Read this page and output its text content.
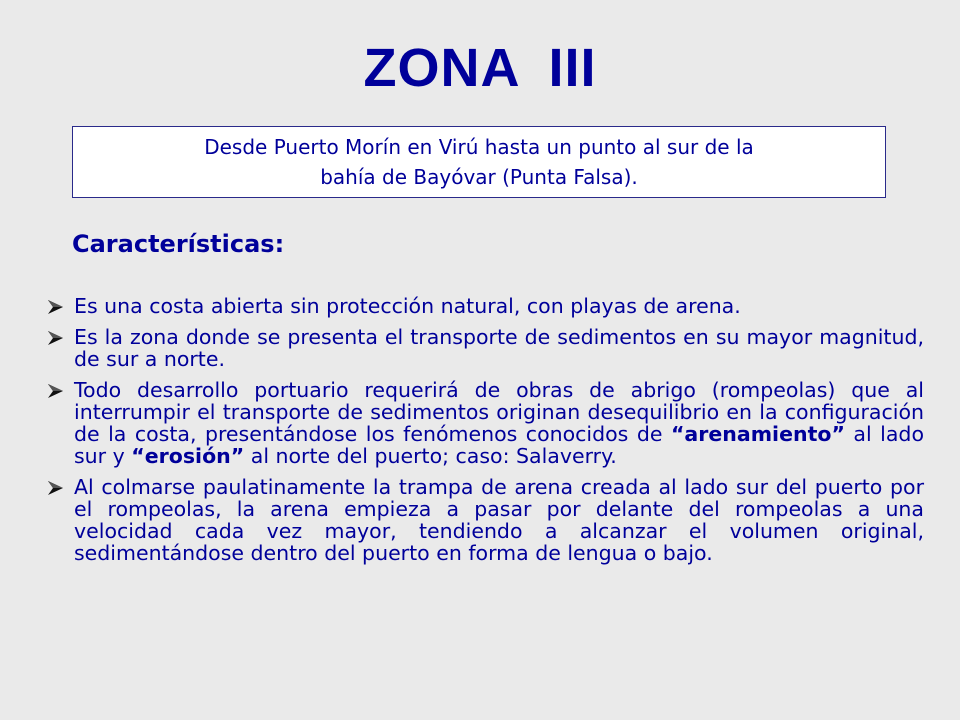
ZONA III
Desde Puerto Morín en Virú hasta un punto al sur de la
bahía de Bayóvar (Punta Falsa).
Características:
Es una costa abierta sin protección natural, con playas de arena.
Es la zona donde se presenta el transporte de sedimentos en su mayor magnitud, de sur a norte.
Todo desarrollo portuario requerirá de obras de abrigo (rompeolas) que al interrumpir el transporte de sedimentos originan desequilibrio en la configuración de la costa, presentándose los fenómenos conocidos de “arenamiento” al lado sur y “erosión” al norte del puerto; caso: Salaverry.
Al colmarse paulatinamente la trampa de arena creada al lado sur del puerto por el rompeolas, la arena empieza a pasar por delante del rompeolas a una velocidad cada vez mayor, tendiendo a alcanzar el volumen original, sedimentándose dentro del puerto en forma de lengua o bajo.
